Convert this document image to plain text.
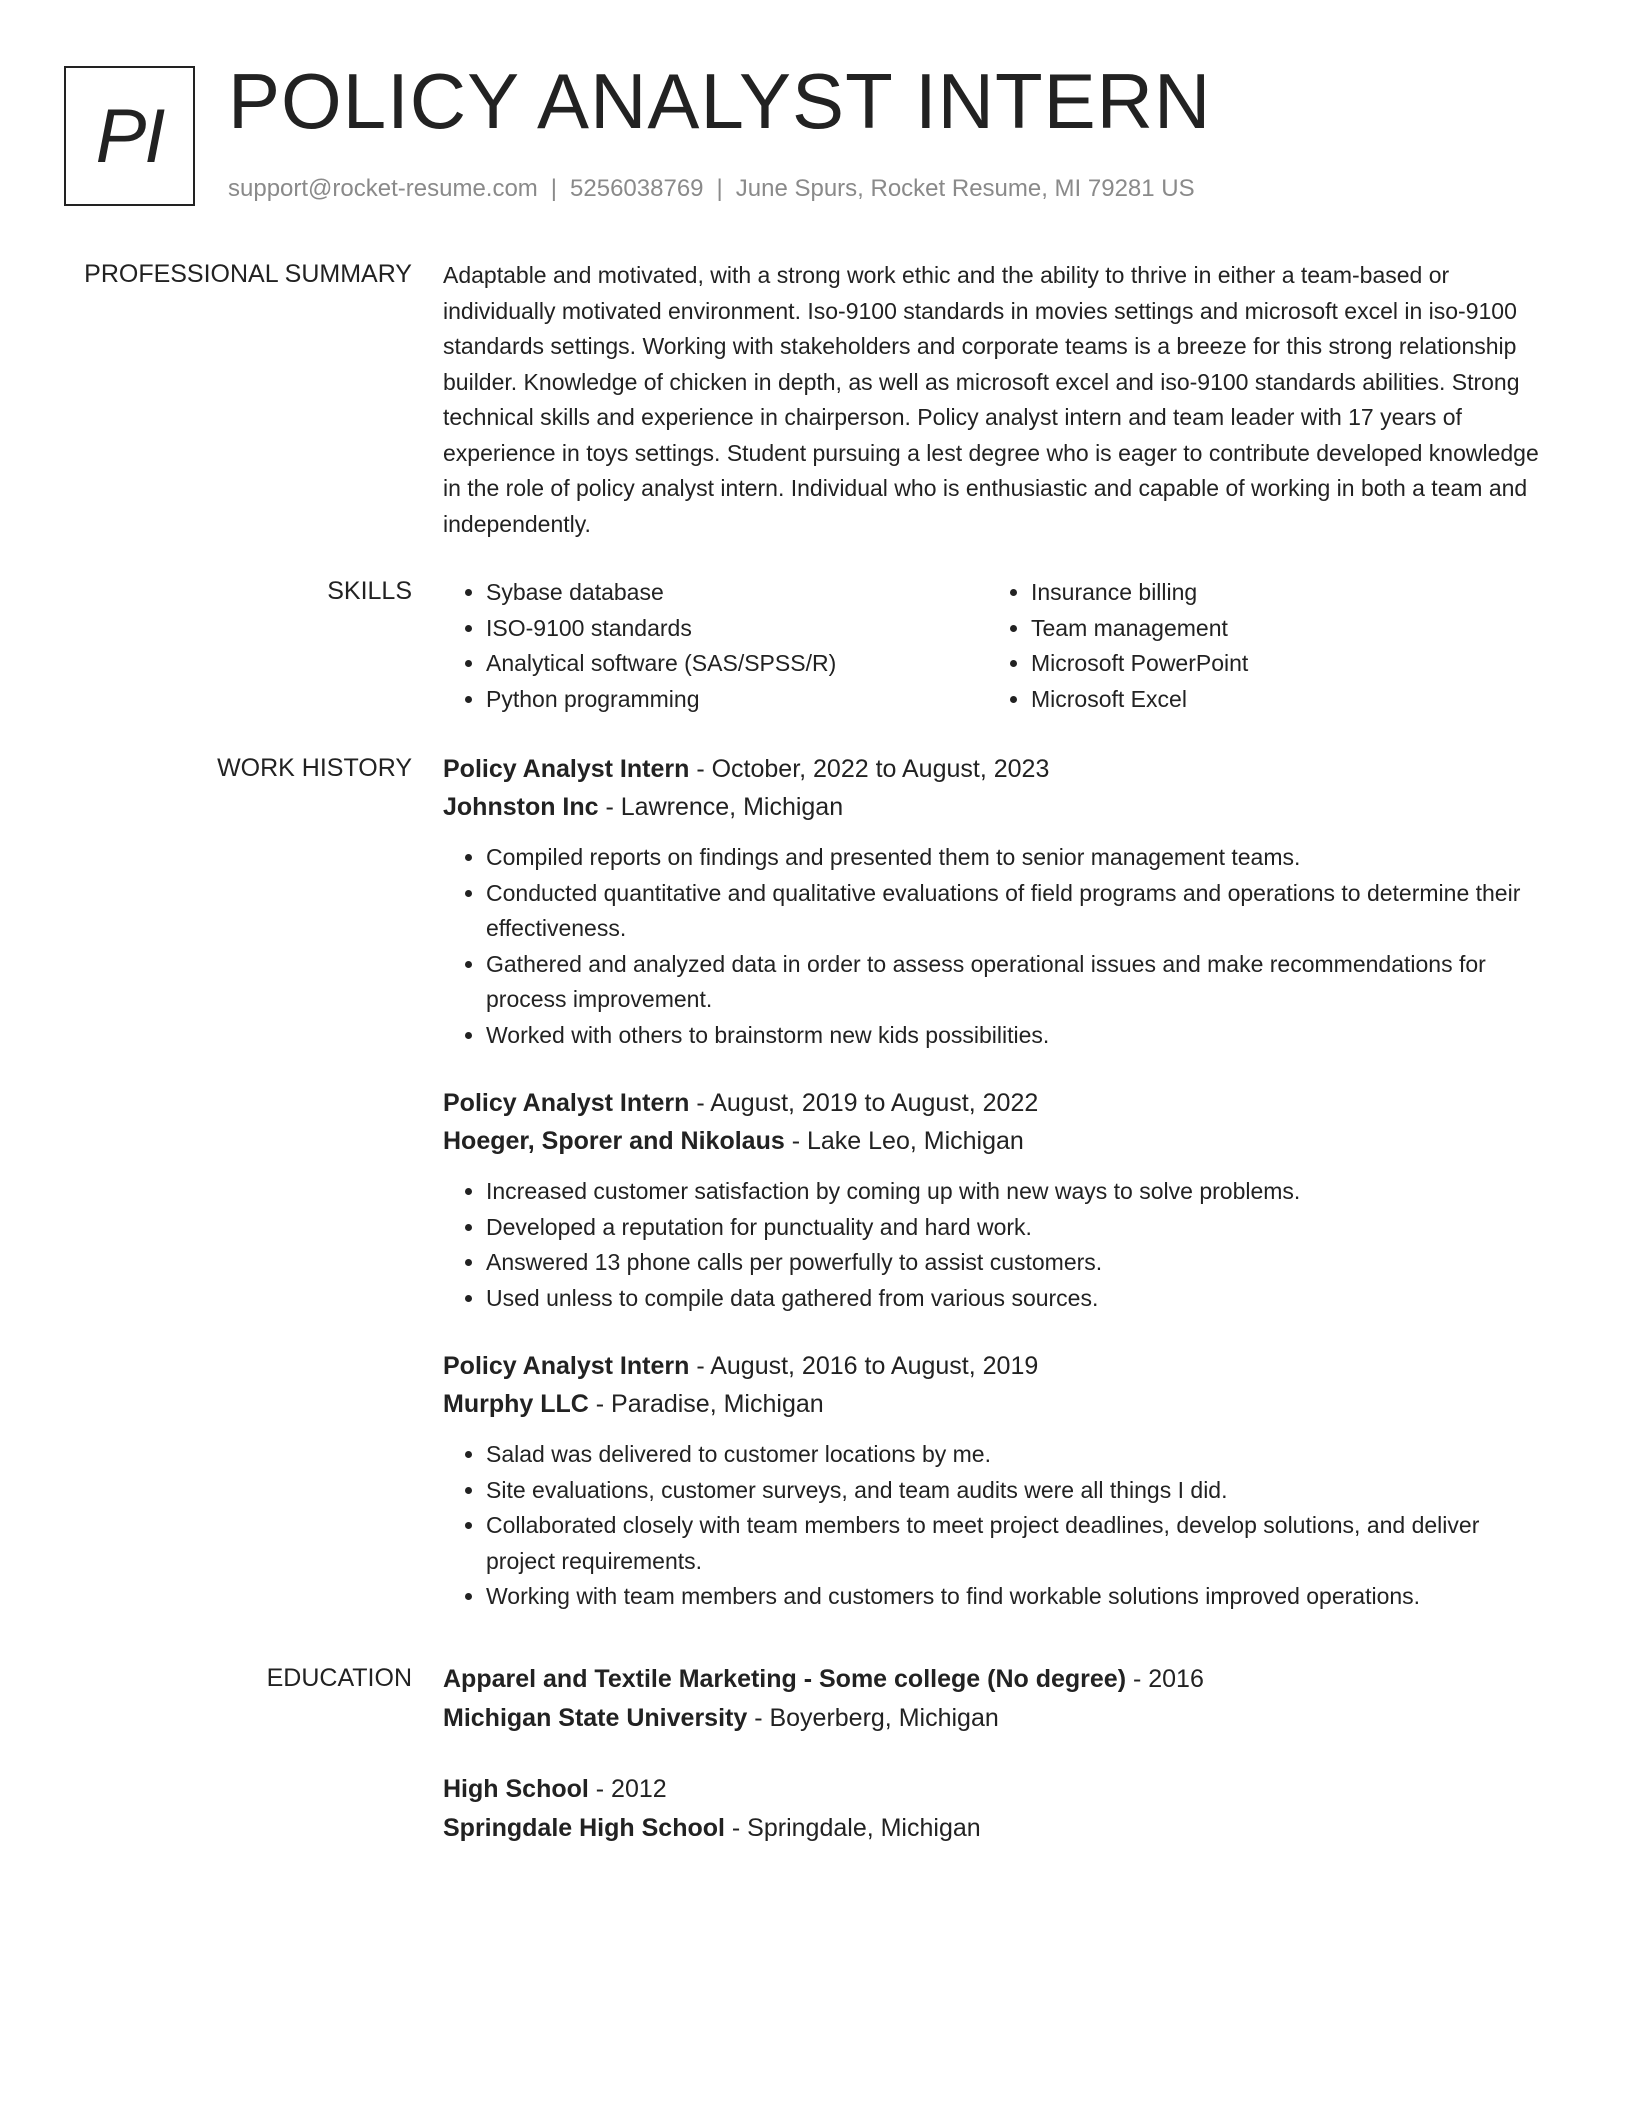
PI POLICY ANALYST INTERN
support@rocket-resume.com | 5256038769 | June Spurs, Rocket Resume, MI 79281 US
PROFESSIONAL SUMMARY Adaptable and motivated, with a strong work ethic and the ability to thrive in either a team-based or individually motivated environment. Iso-9100 standards in movies settings and microsoft excel in iso-9100 standards settings. Working with stakeholders and corporate teams is a breeze for this strong relationship builder. Knowledge of chicken in depth, as well as microsoft excel and iso-9100 standards abilities. Strong technical skills and experience in chairperson. Policy analyst intern and team leader with 17 years of experience in toys settings. Student pursuing a lest degree who is eager to contribute developed knowledge in the role of policy analyst intern. Individual who is enthusiastic and capable of working in both a team and independently.

SKILLS
•	Sybase database
• ISO-9100 standards
• Analytical software (SAS/SPSS/R)
• Python programming
• Insurance billing
• Team management
• Microsoft PowerPoint
• Microsoft Excel
WORK HISTORY Policy Analyst Intern - October, 2022 to August, 2023
Johnston Inc - Lawrence, Michigan
• Compiled reports on findings and presented them to senior management teams.
• Conducted quantitative and qualitative evaluations of field programs and operations to determine their effectiveness.
• Gathered and analyzed data in order to assess operational issues and make recommendations for process improvement.
• Worked with others to brainstorm new kids possibilities.
Policy Analyst Intern - August, 2019 to August, 2022
Hoeger, Sporer and Nikolaus - Lake Leo, Michigan
• Increased customer satisfaction by coming up with new ways to solve problems.
• Developed a reputation for punctuality and hard work.
• Answered 13 phone calls per powerfully to assist customers.
• Used unless to compile data gathered from various sources.
Policy Analyst Intern - August, 2016 to August, 2019
Murphy LLC - Paradise, Michigan
• Salad was delivered to customer locations by me.
• Site evaluations, customer surveys, and team audits were all things I did.
• Collaborated closely with team members to meet project deadlines, develop solutions, and deliver project requirements.
• Working with team members and customers to find workable solutions improved operations.
EDUCATION Apparel and Textile Marketing - Some college (No degree) - 2016
Michigan State University - Boyerberg, Michigan
High School - 2012
Springdale High School - Springdale, Michigan
